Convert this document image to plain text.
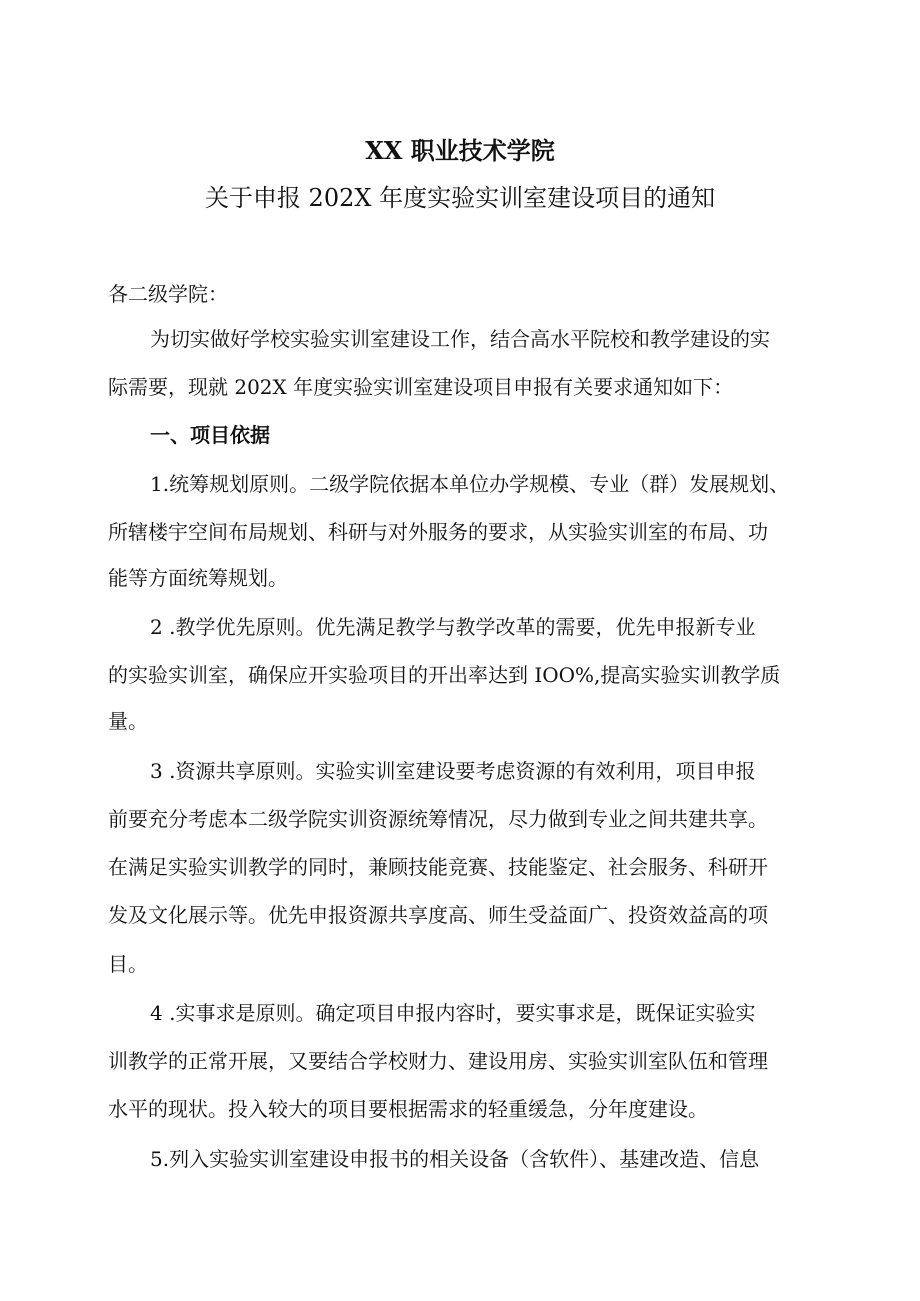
XX 职业技术学院
关于申报 202X 年度实验实训室建设项目的通知
各二级学院：
为切实做好学校实验实训室建设工作，结合高水平院校和教学建设的实
际需要，现就 202X 年度实验实训室建设项目申报有关要求通知如下：
一、项目依据
1.统筹规划原则。二级学院依据本单位办学规模、专业（群）发展规划、
所辖楼宇空间布局规划、科研与对外服务的要求，从实验实训室的布局、功
能等方面统筹规划。
2 .教学优先原则。优先满足教学与教学改革的需要，优先申报新专业
的实验实训室，确保应开实验项目的开出率达到 IOO%,提高实验实训教学质
量。
3 .资源共享原则。实验实训室建设要考虑资源的有效利用，项目申报
前要充分考虑本二级学院实训资源统筹情况，尽力做到专业之间共建共享。
在满足实验实训教学的同时，兼顾技能竞赛、技能鉴定、社会服务、科研开
发及文化展示等。优先申报资源共享度高、师生受益面广、投资效益高的项
目。
4 .实事求是原则。确定项目申报内容时，要实事求是，既保证实验实
训教学的正常开展，又要结合学校财力、建设用房、实验实训室队伍和管理
水平的现状。投入较大的项目要根据需求的轻重缓急，分年度建设。
5.列入实验实训室建设申报书的相关设备（含软件）、基建改造、信息
